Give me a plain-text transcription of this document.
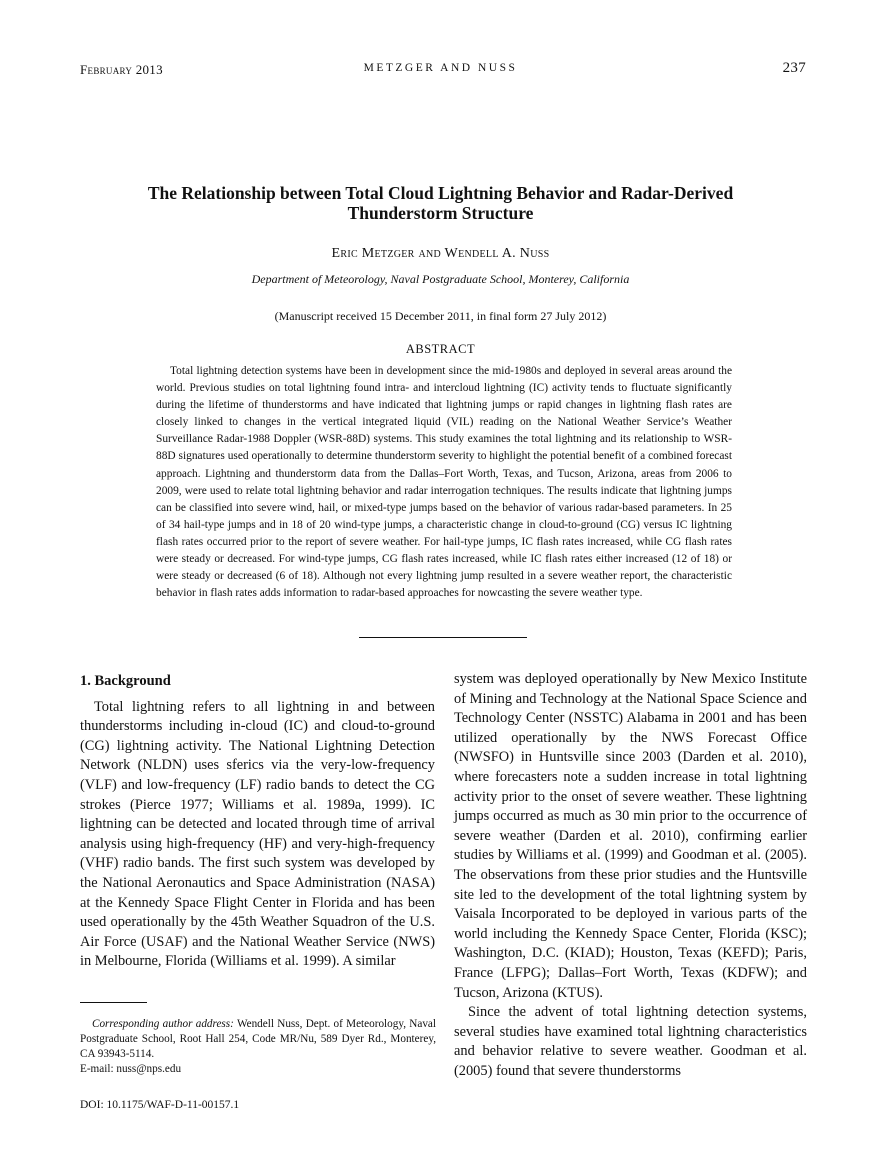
February 2013	METZGER AND NUSS	237
The Relationship between Total Cloud Lightning Behavior and Radar-Derived Thunderstorm Structure
Eric Metzger and Wendell A. Nuss
Department of Meteorology, Naval Postgraduate School, Monterey, California
(Manuscript received 15 December 2011, in final form 27 July 2012)
ABSTRACT
Total lightning detection systems have been in development since the mid-1980s and deployed in several areas around the world. Previous studies on total lightning found intra- and intercloud lightning (IC) activity tends to fluctuate significantly during the lifetime of thunderstorms and have indicated that lightning jumps or rapid changes in lightning flash rates are closely linked to changes in the vertical integrated liquid (VIL) reading on the National Weather Service’s Weather Surveillance Radar-1988 Doppler (WSR-88D) systems. This study examines the total lightning and its relationship to WSR-88D signatures used operationally to determine thunderstorm severity to highlight the potential benefit of a combined forecast approach. Lightning and thunderstorm data from the Dallas–Fort Worth, Texas, and Tucson, Arizona, areas from 2006 to 2009, were used to relate total lightning behavior and radar interrogation techniques. The results indicate that lightning jumps can be classified into severe wind, hail, or mixed-type jumps based on the behavior of various radar-based parameters. In 25 of 34 hail-type jumps and in 18 of 20 wind-type jumps, a characteristic change in cloud-to-ground (CG) versus IC lightning flash rates occurred prior to the report of severe weather. For hail-type jumps, IC flash rates increased, while CG flash rates were steady or decreased. For wind-type jumps, CG flash rates increased, while IC flash rates either increased (12 of 18) or were steady or decreased (6 of 18). Although not every lightning jump resulted in a severe weather report, the characteristic behavior in flash rates adds information to radar-based approaches for nowcasting the severe weather type.
1. Background

Total lightning refers to all lightning in and between thunderstorms including in-cloud (IC) and cloud-to-ground (CG) lightning activity. The National Lightning Detection Network (NLDN) uses sferics via the very-low-frequency (VLF) and low-frequency (LF) radio bands to detect the CG strokes (Pierce 1977; Williams et al. 1989a, 1999). IC lightning can be detected and located through time of arrival analysis using high-frequency (HF) and very-high-frequency (VHF) radio bands. The first such system was developed by the National Aeronautics and Space Administration (NASA) at the Kennedy Space Flight Center in Florida and has been used operationally by the 45th Weather Squadron of the U.S. Air Force (USAF) and the National Weather Service (NWS) in Melbourne, Florida (Williams et al. 1999). A similar

system was deployed operationally by New Mexico Institute of Mining and Technology at the National Space Science and Technology Center (NSSTC) Alabama in 2001 and has been utilized operationally by the NWS Forecast Office (NWSFO) in Huntsville since 2003 (Darden et al. 2010), where forecasters note a sudden increase in total lightning activity prior to the onset of severe weather. These lightning jumps occurred as much as 30 min prior to the occurrence of severe weather (Darden et al. 2010), confirming earlier studies by Williams et al. (1999) and Goodman et al. (2005). The observations from these prior studies and the Huntsville site led to the development of the total lightning system by Vaisala Incorporated to be deployed in various parts of the world including the Kennedy Space Center, Florida (KSC); Washington, D.C. (KIAD); Houston, Texas (KEFD); Paris, France (LFPG); Dallas–Fort Worth, Texas (KDFW); and Tucson, Arizona (KTUS).

Since the advent of total lightning detection systems, several studies have examined total lightning characteristics and behavior relative to severe weather. Goodman et al. (2005) found that severe thunderstorms

Corresponding author address: Wendell Nuss, Dept. of Meteorology, Naval Postgraduate School, Root Hall 254, Code MR/Nu, 589 Dyer Rd., Monterey, CA 93943-5114.
E-mail: nuss@nps.edu
DOI: 10.1175/WAF-D-11-00157.1
